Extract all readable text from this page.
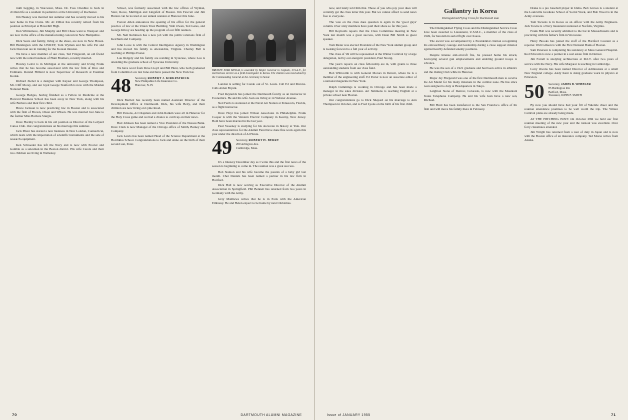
truth begging, in Worcester, Mass. Dr. Foss Cheshire is back in civilian life as a resident in pediatrics at the University of Rochester.

Jim Heaney was married last summer and has recently moved to his new home in Eau Claire. Mr. Al Zilliax has recently retired from his position as Principal at Haverhill High.

Don Whittemore, Jim Murphy and Bill Chase went to Westport and are now in the office of the manufacturing concern in New Hampshire.

Dick Sears and family, living at the shore, are now in New Haven. Bill Huntington with the UNICEF, Tom Wyman and his wife Pat and Jack Donovan are in training for the Korean mission.

We have a new member of our class, Ted Fitzgerald, an old friend now with the rental business of Hunt Brothers, recently married.

Hawley Lenvi is in Michigan at the university and Irving Frank writes that he has become associated with the law firm of Rice and Erdmann. Roland Hilliard is now Supervisor of Research at Eastman Kodak.

Richard Ziebel is a designer with Kayser and George Thompson, Mr. Cliff Morey, and our loyal George Stanforth is now with the Maiden National Bank.

George Hedges, having finished as a Fellow in Medicine at the Harvard Business School has been away in New York, along with his wife Barbara and their first child.

Bruce Jackson is now practicing law in Boston and is associated with the firm of Brown, Olson and Wilson. He was married last June to the former Miss Barbara Sturgis.

Dave Hornby is back in his old position as Director of the Ledyard Canoe Club. Our congratulations on his marriage this summer.

Jack Pilzer has started a new business in New London, Connecticut, which deals with the importation of scientific instruments and the sale of research equipment.

Ken Schroeder has left the Navy and is now with Procter and Gamble as a salesman in the Boston district. His wife Carole and their two children are living in Wellesley.

School, was formerly associated with the law offices of Wyman, Starr, Rowe, Mullligan and Lingafelt of Boston. Jim Fawcett and Jim Burton can be located at our annual reunion at Hanover this June.

Forrest Allen announces the opening of his office for the general practice of law at the Union Trust Building. Walt Owen, Ted Gates, and George Kilroy are heading up the program of our fifth reunion.

Mr. Neil Robinson has a new job with the public relations firm of Ketchum and Company.

John Lowe is with the Central Intelligence Agency in Washington and has moved his family to Alexandria, Virginia. Charley Bell is teaching at Phillips Exeter.

Lou Ridgely and his family are residing in Syracuse, where Lou is attending the graduate school of Syracuse University.

We have word from Dave Lloyd and Bill Hunt, who both graduated from Columbia Law last June and have passed the New York bar.

48 Secretary, ROBERT J. KIRKPATRICK
New Hampshire Life Insurance Co.
Hanover, N. H.

Dick Bartlett has recently been named Assistant Director of the Development Office at Dartmouth. Dick, his wife Betty, and their children are now living on Lyme Road.

Bill Parsons, Al Chapman and John Rankin were all in Hanover for the Holy Cross game and we had a chance to catch up on their news.

Bud Johnson has been named a Vice President of the Nassau Bank. Dave Clark is now Manager of the Chicago office of Smith, Barney and Company.

Jack Lewis has been named Head of the Science Department at the Hotchkiss School. Congratulations to Jack and Anne on the birth of their second son, Peter.

BRONZE STAR MEDAL is awarded by Major General to Captain, U.S.A.F., for meritorious service as a field investigator in Korea. The citation was read aloud by the Commanding General at the ceremony in Seoul.

London is selling for Condo out of St. Louis. Call Ed and Marcus. Calls Alden Bryant.

Fred Reynolds has joined the Dartmouth faculty as an instructor in Economics. He and his wife Joan are living at 14 Webster Avenue.

Ned Ferris is stationed at the Naval Air Station at Pensacola, Florida, as a flight instructor.

Dave Hoyt has joined Wilson Associates in Philadelphia. Frank Cooper is with the Western Electric Company in Kearny, New Jersey. Both have been married in the last year.

Paul Sweeney is studying for his doctorate in history at Yale. Our class representatives for the Alumni Fund have done fine work again this year under the direction of Al Hoxie.

49 Secretary, ROBERT H. BERRY
200 Arlington Ave.
Cambridge, Mass.

It's a blustery December day as I write this and the first news of the season is beginning to come in. The reunion was a great success.

Bob Stanton and his wife became the parents of a baby girl last month. Chet Daniels has been named a partner in his law firm in Hartford.

Dick Hall is now serving as Executive Director of the Alumni Association in Springfield. Phil Bennett has returned from two years in Germany with the Army.

Jerry Matthews writes that he is in Paris with the American Embassy. He and Helen expect to be home by next Christmas.

70	DARTMOUTH ALUMNI MAGAZINE

now, and lately told him that. Those of you who pay your dues will certainly get the class letter this year. But we cannot afford to send news free to everyone.

The vote on the class dues question is again in the 'good guys' column. Over sixty members have paid their share so far this year.

Bill Reynolds reports that the Class Committee meeting in New York last month was a great success, with Dean Bill Smith as guest speaker.

Tom Meier was elected President of the New York alumni group and is looking forward to a full year of activity.

The class of '49 will be represented at the Winter Carnival by a large delegation, led by our energetic president, Paul Strong.

The year's reports on class fellowship are in, with grants to three outstanding students from our class fund.

Bob Whitcomb is with General Motors in Detroit, where he is a member of the engineering staff. Ed Porter is now an associate editor of a national magazine in New York.

Ralph Cummings is working in Chicago and has been made a manager in the sales division. Art Simmons is teaching English at a private school near Boston.

Our congratulations go to Dick Shepard on his marriage to Ann Thompson in October, and to Fred Lyons on the birth of his first child.

Gallantry in Korea
Distinguished Flying Cross for Dartmouth man

The Distinguished Flying Cross and the Distinguished Service Cross have been awarded to Lieutenant, U.S.M.C., a member of the class of 1949, for heroism in aerial flight over Korea.

The award was accompanied by a Presidential citation recognizing his extraordinary courage and leadership during a close support mission against heavily defended enemy positions.

Despite intense anti-aircraft fire, he pressed home his attack, destroying several gun emplacements and enabling ground troops to advance.

He was the son of a 1921 graduate and had been active in athletics and the Outing Club while in Hanover.

Major Jay Fitzgerald was one of the first Dartmouth men to receive the Air Medal for his many missions in the combat zone. He has since been assigned to duty at Headquarters in Tokyo.

Leighton Stone of Denver, Colorado, is now with the Mountain States Telephone Company. He and his wife Jean have a new son, Michael.

Bill Hurd has been transferred to the San Francisco office of his firm and will move his family there in February.

Drake is a pro baseball player in Idaho. Bob Graves is a student at the Louisville Graduate School of Social Work, and Bob Wood is in the Army overseas.

Tom Stevens is in Korea as an officer with the Army Engineers. Jack Towne is a Navy lieutenant stationed at Norfolk, Virginia.

Frank Hall was recently admitted to the bar in Massachusetts and is practicing with his father's firm in Worcester.

Harry Brooks has joined the staff of the Hartford Courant as a reporter. Walt Gibson is with the First National Bank of Boston.

Sam Peterson is completing his residency at Mass General Hospital. Rod Edwards is now a partner in a real estate firm in Denver.

Jim Farrell is studying architecture at M.I.T. after two years of service with the Navy. His wife Margaret is teaching in Cambridge.

Larry Owens has been named Director of Admissions at a small New England college. Andy Kent is doing graduate work in physics at Princeton.

50 Secretary, JAMES B. WHEELER
85 Burlington Rd.
Bedford, Mass.
Treasurer, JOHN F. SMITH

By now you should have had your fill of Yuletide cheer and the reunion attendance promises to be well worth the trip. The Winter Carnival plans are already being made.

AT THE HITCHING POST: On October 28th we held our first reunion meeting of the new year and the turnout was excellent. Over forty classmates attended.

Jim Wright has returned from a tour of duty in Japan and is now with the Boston office of an insurance company. Ted Morse writes from Alaska.

Issue of JANUARY 1955	71
